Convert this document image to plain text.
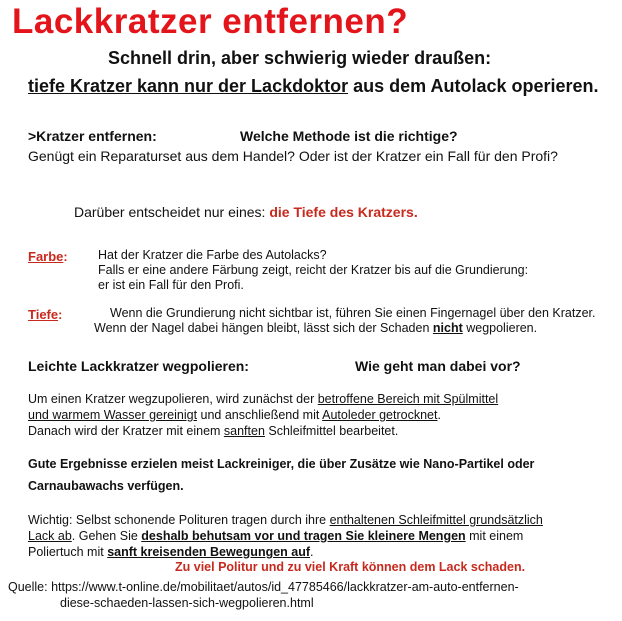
Lackkratzer entfernen?
Schnell drin, aber schwierig wieder draußen:
tiefe Kratzer kann nur der Lackdoktor aus dem Autolack operieren.
>Kratzer entfernen:	Welche Methode ist die richtige?
Genügt ein Reparaturset aus dem Handel? Oder ist der Kratzer ein Fall für den Profi?
Darüber entscheidet nur eines: die Tiefe des Kratzers.
Farbe: Hat der Kratzer die Farbe des Autolacks?
Falls er eine andere Färbung zeigt, reicht der Kratzer bis auf die Grundierung:
er ist ein Fall für den Profi.
Tiefe:	Wenn die Grundierung nicht sichtbar ist, führen Sie einen Fingernagel über den Kratzer.
Wenn der Nagel dabei hängen bleibt, lässt sich der Schaden nicht wegpolieren.
Leichte Lackkratzer wegpolieren:	Wie geht man dabei vor?
Um einen Kratzer wegzupolieren, wird zunächst der betroffene Bereich mit Spülmittel
und warmem Wasser gereinigt und anschließend mit Autoleder getrocknet.
Danach wird der Kratzer mit einem sanften Schleifmittel bearbeitet.
Gute Ergebnisse erzielen meist Lackreiniger, die über Zusätze wie Nano-Partikel oder
Carnaubawachs verfügen.
Wichtig: Selbst schonende Polituren tragen durch ihre enthaltenen Schleifmittel grundsätzlich
Lack ab. Gehen Sie deshalb behutsam vor und tragen Sie kleinere Mengen mit einem
Poliertuch mit sanft kreisenden Bewegungen auf.
Zu viel Politur und zu viel Kraft können dem Lack schaden.
Quelle: https://www.t-online.de/mobilitaet/autos/id_47785466/lackkratzer-am-auto-entfernen-
diese-schaeden-lassen-sich-wegpolieren.html
